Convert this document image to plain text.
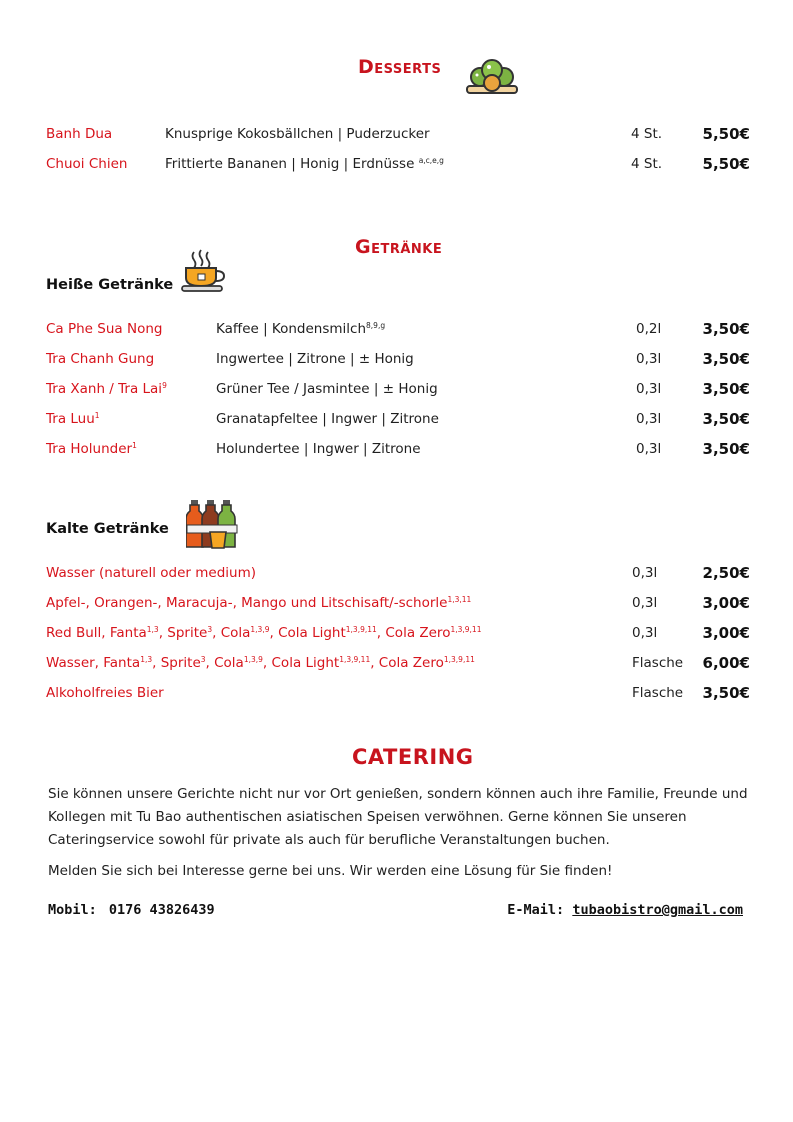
Desserts
Banh Dua	Knusprige Kokosbällchen | Puderzucker	4 St.	5,50€
Chuoi Chien	Frittierte Bananen | Honig | Erdnüsse $^{a,c,e,g}$	4 St.	5,50€
Getränke
Heiße Getränke
Ca Phe Sua Nong	Kaffee | Kondensmilch$^{8,9,g}$	0,2l	3,50€
Tra Chanh Gung	Ingwertee | Zitrone | ± Honig	0,3l	3,50€
Tra Xanh / Tra Lai$^9$	Grüner Tee / Jasmintee | ± Honig	0,3l	3,50€
Tra Luu$^1$	Granatapfeltee | Ingwer | Zitrone	0,3l	3,50€
Tra Holunder$^1$	Holundertee | Ingwer | Zitrone	0,3l	3,50€
Kalte Getränke
Wasser (naturell oder medium)	0,3l	2,50€
Apfel-, Orangen-, Maracuja-, Mango und Litschisaft/-schorle$^{1,3,11}$	0,3l	3,00€
Red Bull, Fanta$^{1,3}$, Sprite$^3$, Cola$^{1,3,9}$, Cola Light$^{1,3,9,11}$, Cola Zero$^{1,3,9,11}$	0,3l	3,00€
Wasser, Fanta$^{1,3}$, Sprite$^3$, Cola$^{1,3,9}$, Cola Light$^{1,3,9,11}$, Cola Zero$^{1,3,9,11}$	Flasche 6,00€
Alkoholfreies Bier	Flasche 3,50€
CATERING
Sie können unsere Gerichte nicht nur vor Ort genießen, sondern können auch ihre Familie, Freunde und Kollegen mit Tu Bao authentischen asiatischen Speisen verwöhnen. Gerne können Sie unseren Cateringservice sowohl für private als auch für berufliche Veranstaltungen buchen.
Melden Sie sich bei Interesse gerne bei uns. Wir werden eine Lösung für Sie finden!
Mobil: 0176 43826439	E-Mail: tubaobistro@gmail.com
